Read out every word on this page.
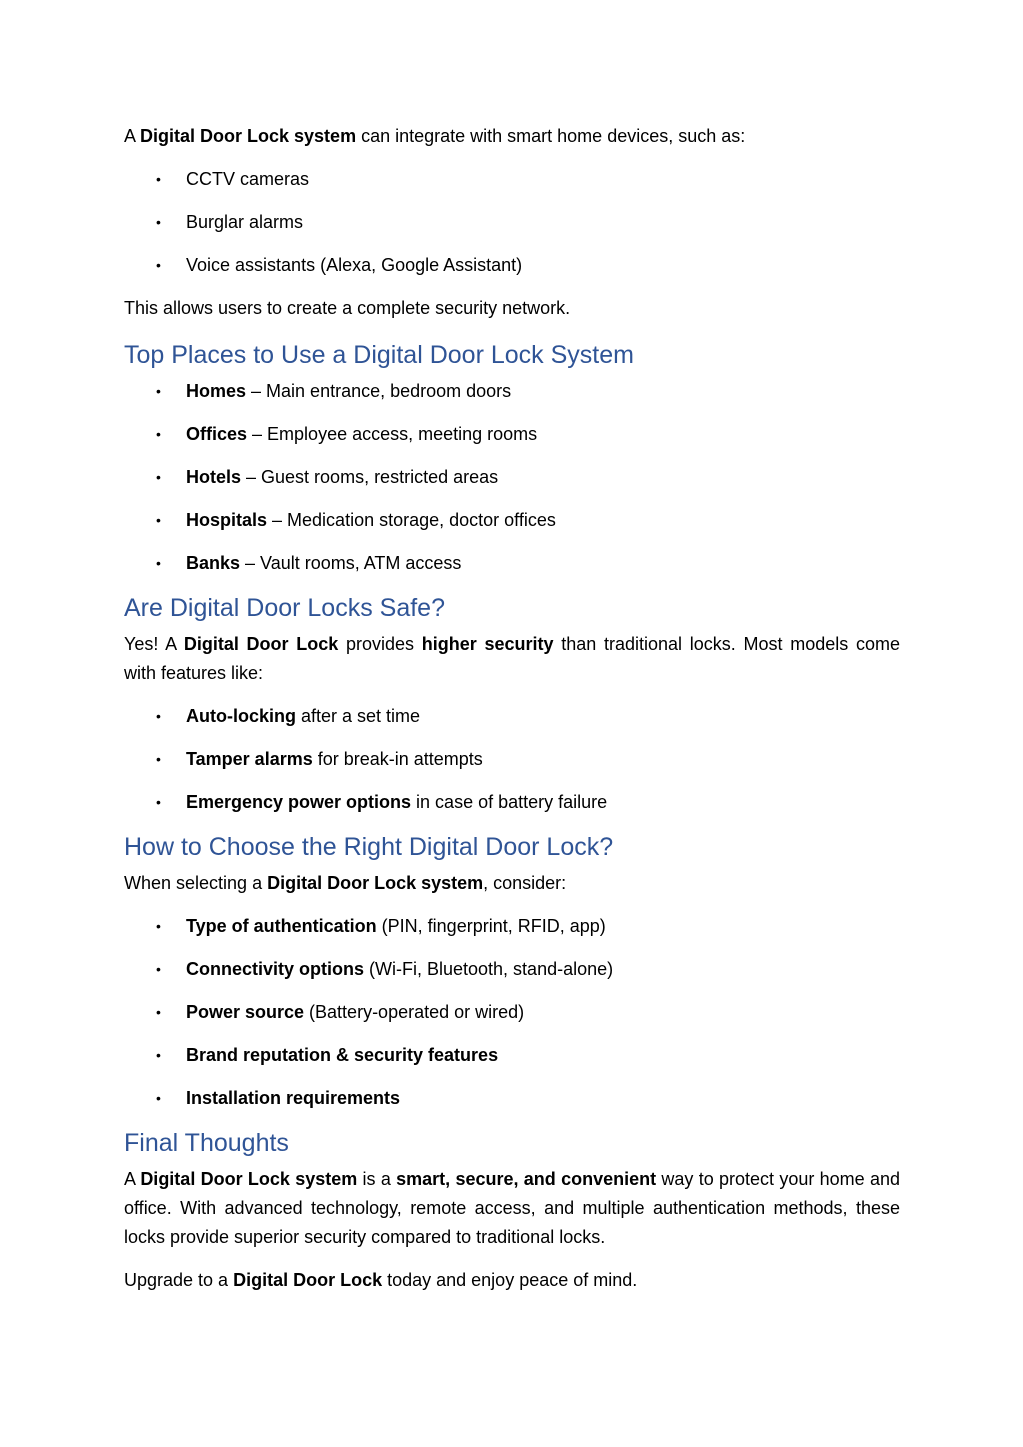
A Digital Door Lock system can integrate with smart home devices, such as:

• CCTV cameras
• Burglar alarms
• Voice assistants (Alexa, Google Assistant)

This allows users to create a complete security network.

Top Places to Use a Digital Door Lock System
• Homes – Main entrance, bedroom doors
• Offices – Employee access, meeting rooms
• Hotels – Guest rooms, restricted areas
• Hospitals – Medication storage, doctor offices
• Banks – Vault rooms, ATM access
Are Digital Door Locks Safe?

Yes! A Digital Door Lock provides higher security than traditional locks. Most models come with features like:

• Auto-locking after a set time
• Tamper alarms for break-in attempts
• Emergency power options in case of battery failure
How to Choose the Right Digital Door Lock?

When selecting a Digital Door Lock system, consider:

• Type of authentication (PIN, fingerprint, RFID, app)
• Connectivity options (Wi-Fi, Bluetooth, stand-alone)
• Power source (Battery-operated or wired)
• Brand reputation & security features
• Installation requirements
Final Thoughts

A Digital Door Lock system is a smart, secure, and convenient way to protect your home and office. With advanced technology, remote access, and multiple authentication methods, these locks provide superior security compared to traditional locks.

Upgrade to a Digital Door Lock today and enjoy peace of mind.
